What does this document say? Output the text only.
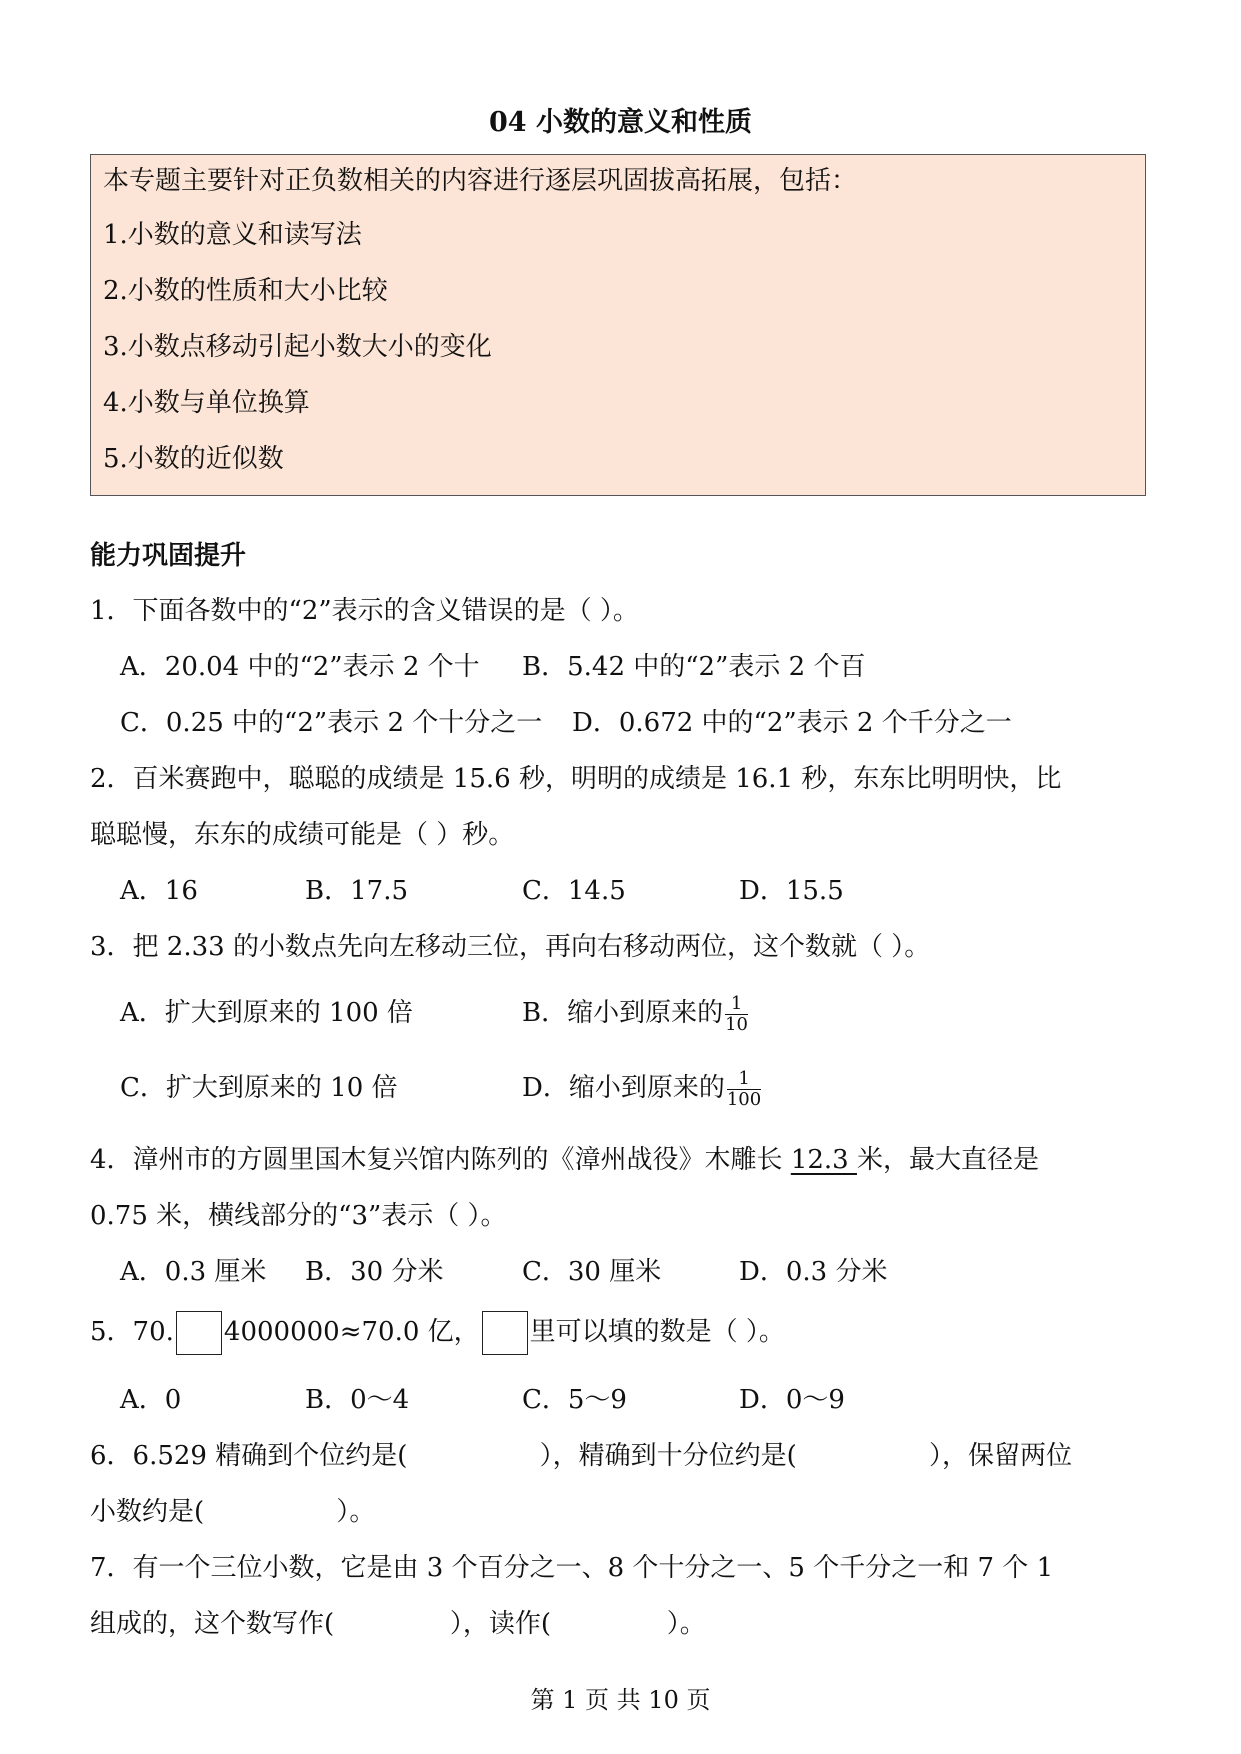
04 小数的意义和性质
本专题主要针对正负数相关的内容进行逐层巩固拔高拓展，包括：
1.小数的意义和读写法
2.小数的性质和大小比较
3.小数点移动引起小数大小的变化
4.小数与单位换算
5.小数的近似数
能力巩固提升
1．下面各数中的“2”表示的含义错误的是（ ）。
A．20.04 中的“2”表示 2 个十 B．5.42 中的“2”表示 2 个百
C．0.25 中的“2”表示 2 个十分之一 D．0.672 中的“2”表示 2 个千分之一
2．百米赛跑中，聪聪的成绩是 15.6 秒，明明的成绩是 16.1 秒，东东比明明快，比
聪聪慢，东东的成绩可能是（ ）秒。
A．16	B．17.5	C．14.5	D．15.5
3．把 2.33 的小数点先向左移动三位，再向右移动两位，这个数就（ ）。
A．扩大到原来的 100 倍	B．缩小到原来的 $\frac{1}{10}$
C．扩大到原来的 10 倍	D．缩小到原来的 $\frac{1}{100}$
4．漳州市的方圆里国木复兴馆内陈列的《漳州战役》木雕长 12.3 米，最大直径是
0.75 米，横线部分的“3”表示（ ）。
A．0.3 厘米 B．30 分米	C．30 厘米	D．0.3 分米
5．70. 4000000≈70.0 亿， 里可以填的数是（ ）。
A．0	B．0～4	C．5～9	D．0～9
6．6.529 精确到个位约是(                ），精确到十分位约是(                ），保留两位
小数约是(                ）。
7．有一个三位小数，它是由 3 个百分之一、8 个十分之一、5 个千分之一和 7 个 1
组成的，这个数写作(              ），读作(              ）。
第 1 页 共 10 页
